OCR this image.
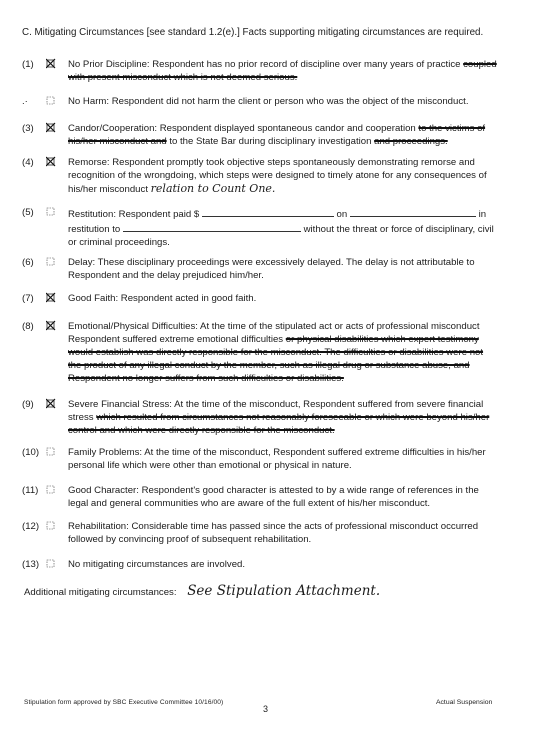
C. Mitigating Circumstances [see standard 1.2(e).] Facts supporting mitigating circumstances are required.
(1)	No Prior Discipline: Respondent has no prior record of discipline over many years of practice coupled
with present misconduct which is not deemed serious.
.·	No Harm: Respondent did not harm the client or person who was the object of the misconduct.
(3)	Candor/Cooperation: Respondent displayed spontaneous candor and cooperation to the victims of
his/her misconduct and to the State Bar during disciplinary investigation and proceedings.
(4)	Remorse: Respondent promptly took objective steps spontaneously demonstrating remorse and
recognition of the wrongdoing, which steps were designed to timely atone for any consequences of
his/her misconduct relation to Count One.
(5)	Restitution: Respondent paid $	on	in
restitution to	without the threat or force of disciplinary, civil
or criminal proceedings.
(6)	Delay: These disciplinary proceedings were excessively delayed. The delay is not attributable to
Respondent and the delay prejudiced him/her.
(7)	Good Faith: Respondent acted in good faith.
(8)	Emotional/Physical Difficulties: At the time of the stipulated act or acts of professional misconduct
Respondent suffered extreme emotional difficulties or physical disabilities which expert testimony
would establish was directly responsible for the misconduct. The difficulties or disabilities were not
the product of any illegal conduct by the member, such as illegal drug or substance abuse, and
Respondent no longer suffers from such difficulties or disabilities.
(9)	Severe Financial Stress: At the time of the misconduct, Respondent suffered from severe financial
stress which resulted from circumstances not reasonably foreseeable or which were beyond his/her
control and which were directly responsible for the misconduct.
(10)	Family Problems: At the time of the misconduct, Respondent suffered extreme difficulties in his/her
personal life which were other than emotional or physical in nature.
(11)	Good Character: Respondent's good character is attested to by a wide range of references in the
legal and general communities who are aware of the full extent of his/her misconduct.
(12)	Rehabilitation: Considerable time has passed since the acts of professional misconduct occurred
followed by convincing proof of subsequent rehabilitation.
(13)	No mitigating circumstances are involved.
Additional mitigating circumstances: See Stipulation Attachment.
Stipulation form approved by SBC Executive Committee 10/16/00)	Actual Suspension
3
